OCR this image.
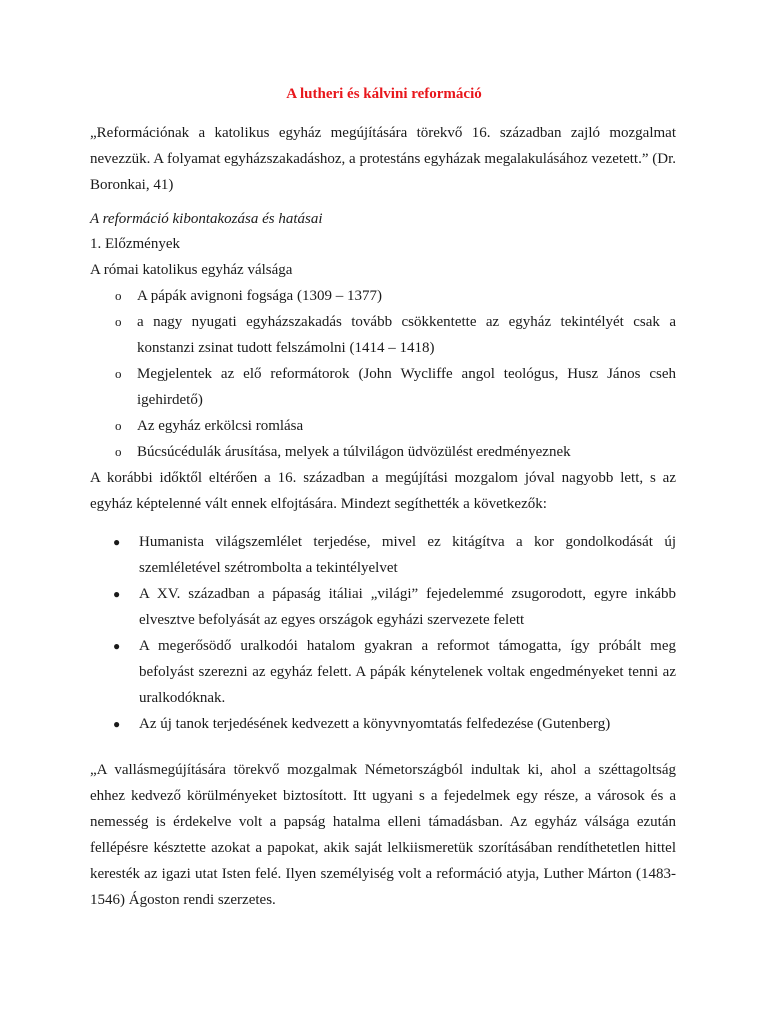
A lutheri és kálvini reformáció
„Reformációnak a katolikus egyház megújítására törekvő 16. században zajló mozgalmat nevezzük. A folyamat egyházszakadáshoz, a protestáns egyházak megalakulásához vezetett.” (Dr. Boronkai, 41)
A reformáció kibontakozása és hatásai
1. Előzmények
A római katolikus egyház válsága
o A pápák avignoni fogsága (1309 – 1377)
o a nagy nyugati egyházszakadás tovább csökkentette az egyház tekintélyét csak a konstanzi zsinat tudott felszámolni (1414 – 1418)
o Megjelentek az elő reformátorok (John Wycliffe angol teológus, Husz János cseh igehirdető)
o Az egyház erkölcsi romlása
o Búcsúcédulák árusítása, melyek a túlvilágon üdvözülést eredményeznek
A korábbi időktől eltérően a 16. században a megújítási mozgalom jóval nagyobb lett, s az egyház képtelenné vált ennek elfojtására. Mindezt segíthették a következők:
● Humanista világszemlélet terjedése, mivel ez kitágítva a kor gondolkodását új szemléletével szétrombolta a tekintélyelvet
● A XV. században a pápaság itáliai „világi” fejedelemmé zsugorodott, egyre inkább elvesztve befolyását az egyes országok egyházi szervezete felett
● A megerősödő uralkodói hatalom gyakran a reformot támogatta, így próbált meg befolyást szerezni az egyház felett. A pápák kénytelenek voltak engedményeket tenni az uralkodóknak.
● Az új tanok terjedésének kedvezett a könyvnyomtatás felfedezése (Gutenberg)
„A vallásmegújítására törekvő mozgalmak Németországból indultak ki, ahol a széttagoltság ehhez kedvező körülményeket biztosított. Itt ugyani s a fejedelmek egy része, a városok és a nemesség is érdekelve volt a papság hatalma elleni támadásban. Az egyház válsága ezután fellépésre késztette azokat a papokat, akik saját lelkiismeretük szorításában rendíthetetlen hittel keresték az igazi utat Isten felé. Ilyen személyiség volt a reformáció atyja, Luther Márton (1483-1546) Ágoston rendi szerzetes.
